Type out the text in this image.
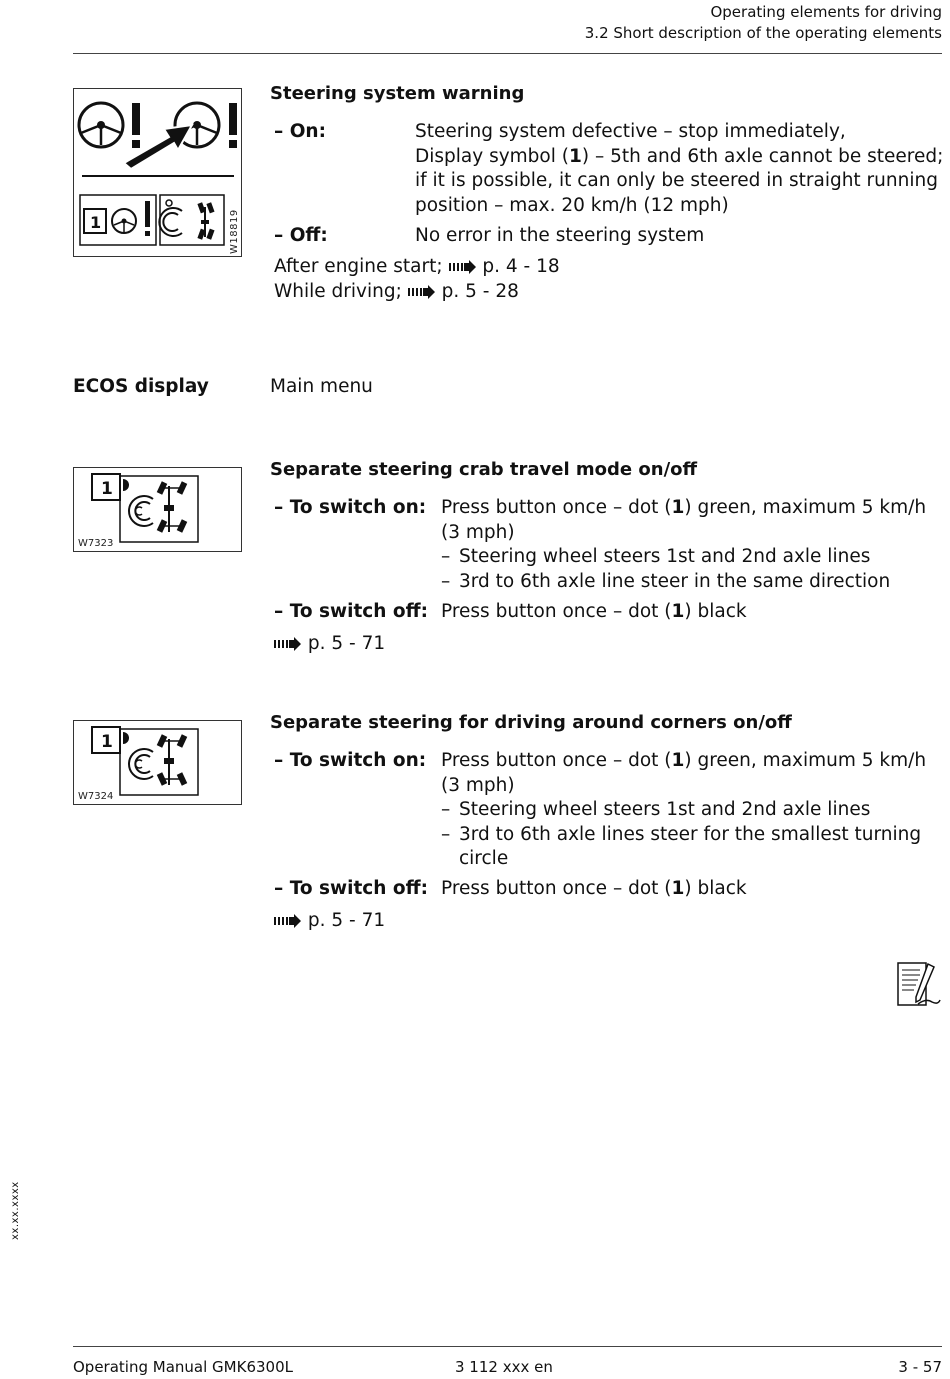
Operating elements for driving
3.2 Short description of the operating elements
1	W18819
Steering system warning
– On:	Steering system defective – stop immediately,
Display symbol (1) – 5th and 6th axle cannot be steered;
if it is possible, it can only be steered in straight running
position – max. 20 km/h (12 mph)
– Off:	No error in the steering system
After engine start; p. 4 - 18
While driving; p. 5 - 28
ECOS display	Main menu
1
W7323
Separate steering crab travel mode on/off
– To switch on: Press button once – dot (1) green, maximum 5 km/h
(3 mph)
– Steering wheel steers 1st and 2nd axle lines
– 3rd to 6th axle line steer in the same direction
– To switch off: Press button once – dot (1) black
p. 5 - 71
1
W7324
Separate steering for driving around corners on/off
– To switch on: Press button once – dot (1) green, maximum 5 km/h
(3 mph)
– Steering wheel steers 1st and 2nd axle lines
– 3rd to 6th axle lines steer for the smallest turning
circle
– To switch off: Press button once – dot (1) black
p. 5 - 71
xx.xx.xxxx
Operating Manual GMK6300L	3 112 xxx en	3 - 57
